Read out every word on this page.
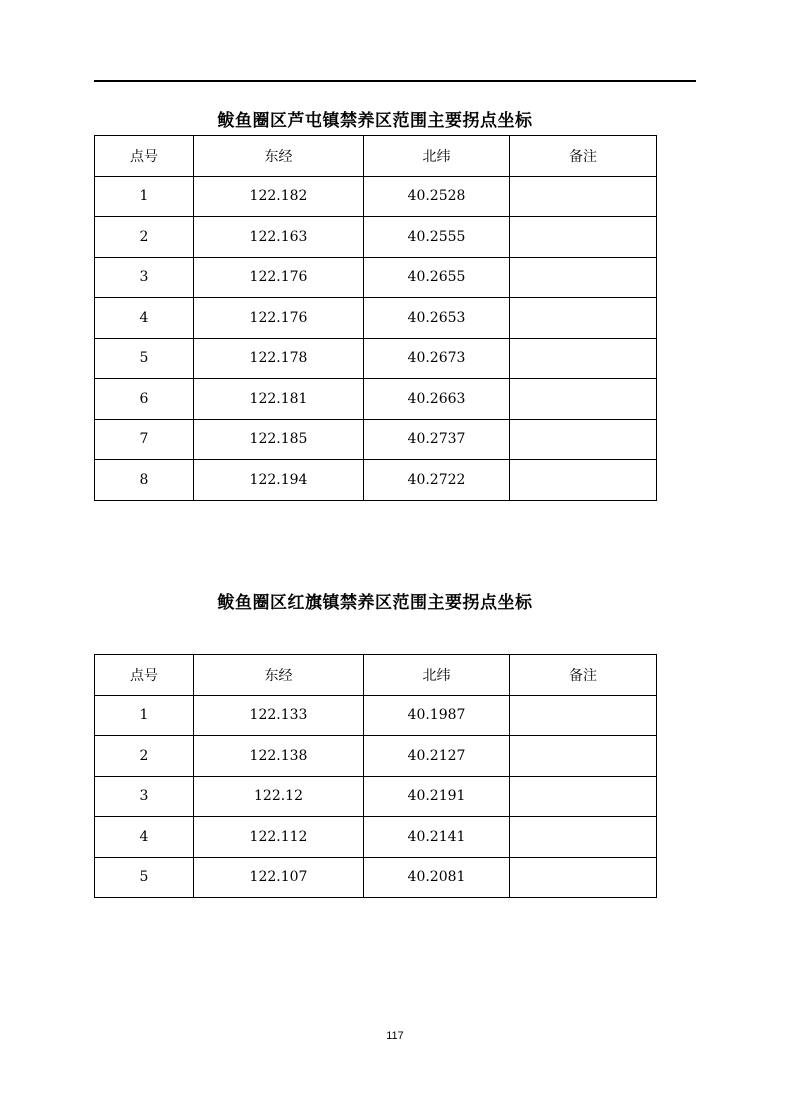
鲅鱼圈区芦屯镇禁养区范围主要拐点坐标
点号	东经	北纬	备注
1	122.182	40.2528	
2	122.163	40.2555	
3	122.176	40.2655	
4	122.176	40.2653	
5	122.178	40.2673	
6	122.181	40.2663	
7	122.185	40.2737	
8	122.194	40.2722	
鲅鱼圈区红旗镇禁养区范围主要拐点坐标
点号	东经	北纬	备注
1	122.133	40.1987	
2	122.138	40.2127	
3	122.12	40.2191	
4	122.112	40.2141	
5	122.107	40.2081	
117
